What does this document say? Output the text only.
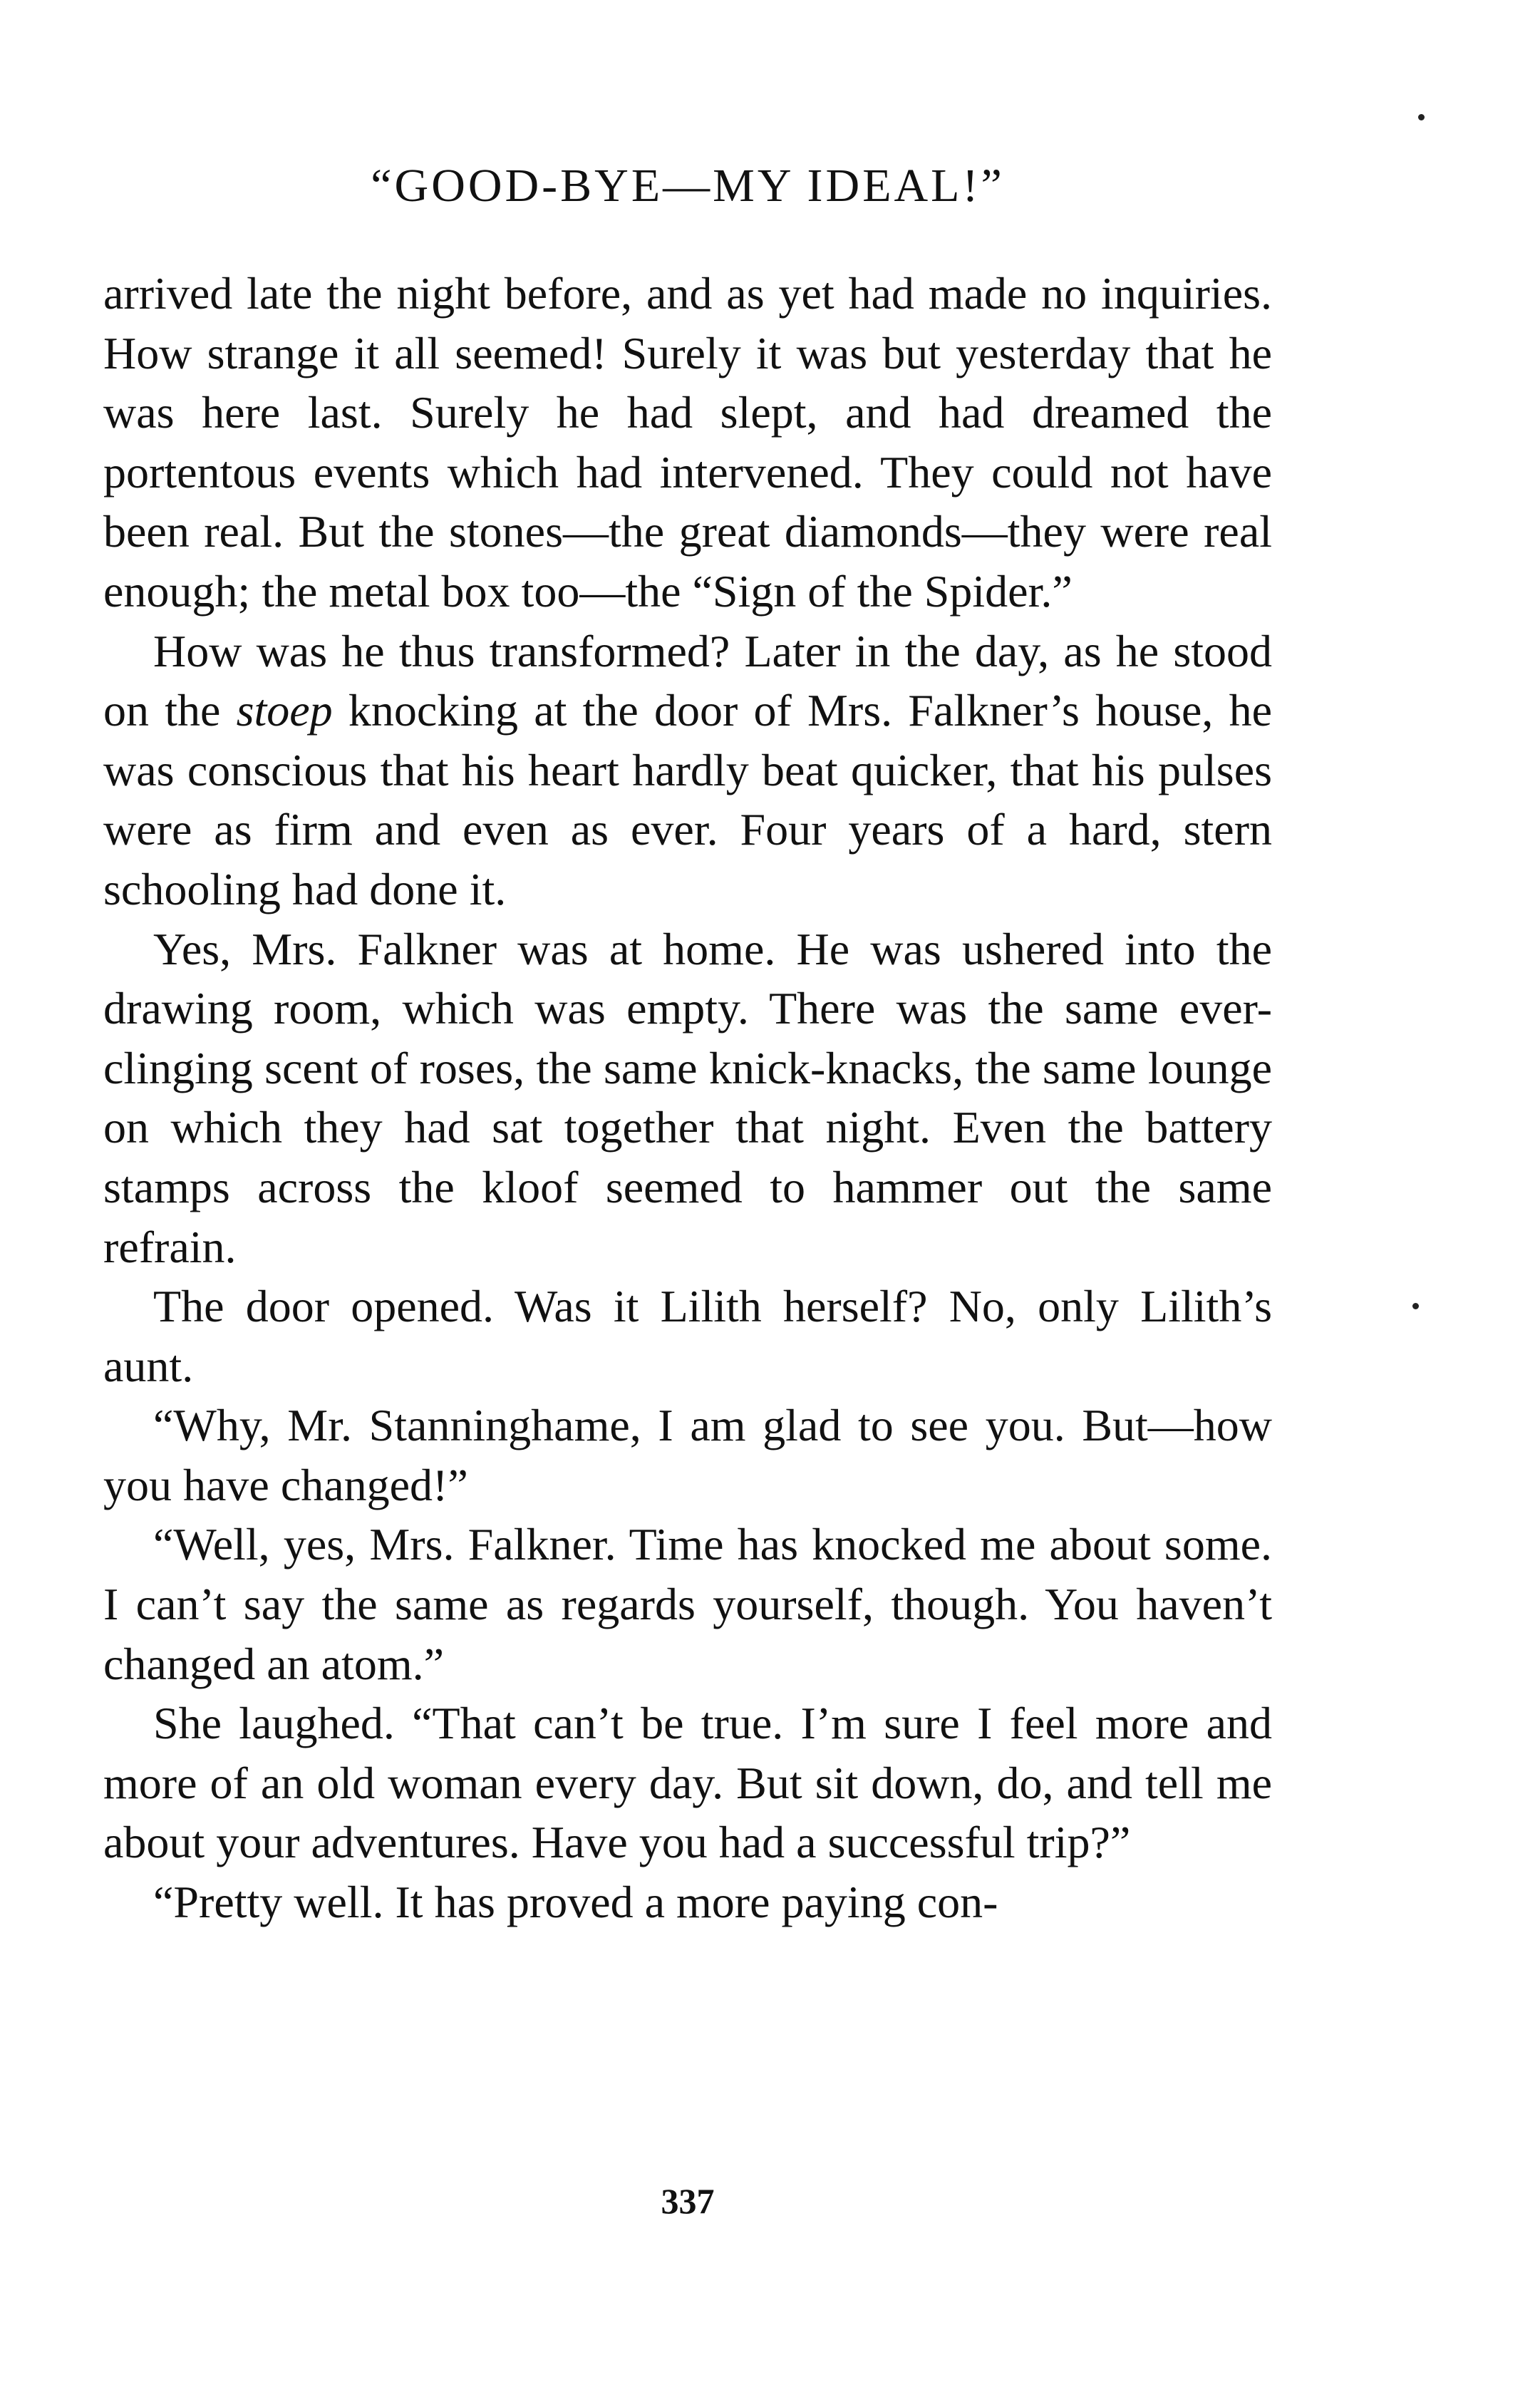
“GOOD-BYE—MY IDEAL!”

arrived late the night before, and as yet had made no inquiries. How strange it all seemed! Surely it was but yesterday that he was here last. Surely he had slept, and had dreamed the portentous events which had intervened. They could not have been real. But the stones—the great diamonds—they were real enough; the metal box too—the “Sign of the Spider.”

How was he thus transformed? Later in the day, as he stood on the stoep knocking at the door of Mrs. Falkner’s house, he was conscious that his heart hardly beat quicker, that his pulses were as firm and even as ever. Four years of a hard, stern schooling had done it.

Yes, Mrs. Falkner was at home. He was ushered into the drawing room, which was empty. There was the same ever-clinging scent of roses, the same knick-knacks, the same lounge on which they had sat together that night. Even the battery stamps across the kloof seemed to hammer out the same refrain.

The door opened. Was it Lilith herself? No, only Lilith’s aunt.

“Why, Mr. Stanninghame, I am glad to see you. But—how you have changed!”

“Well, yes, Mrs. Falkner. Time has knocked me about some. I can’t say the same as regards yourself, though. You haven’t changed an atom.”

She laughed. “That can’t be true. I’m sure I feel more and more of an old woman every day. But sit down, do, and tell me about your adventures. Have you had a successful trip?”

“Pretty well. It has proved a more paying con-

337
